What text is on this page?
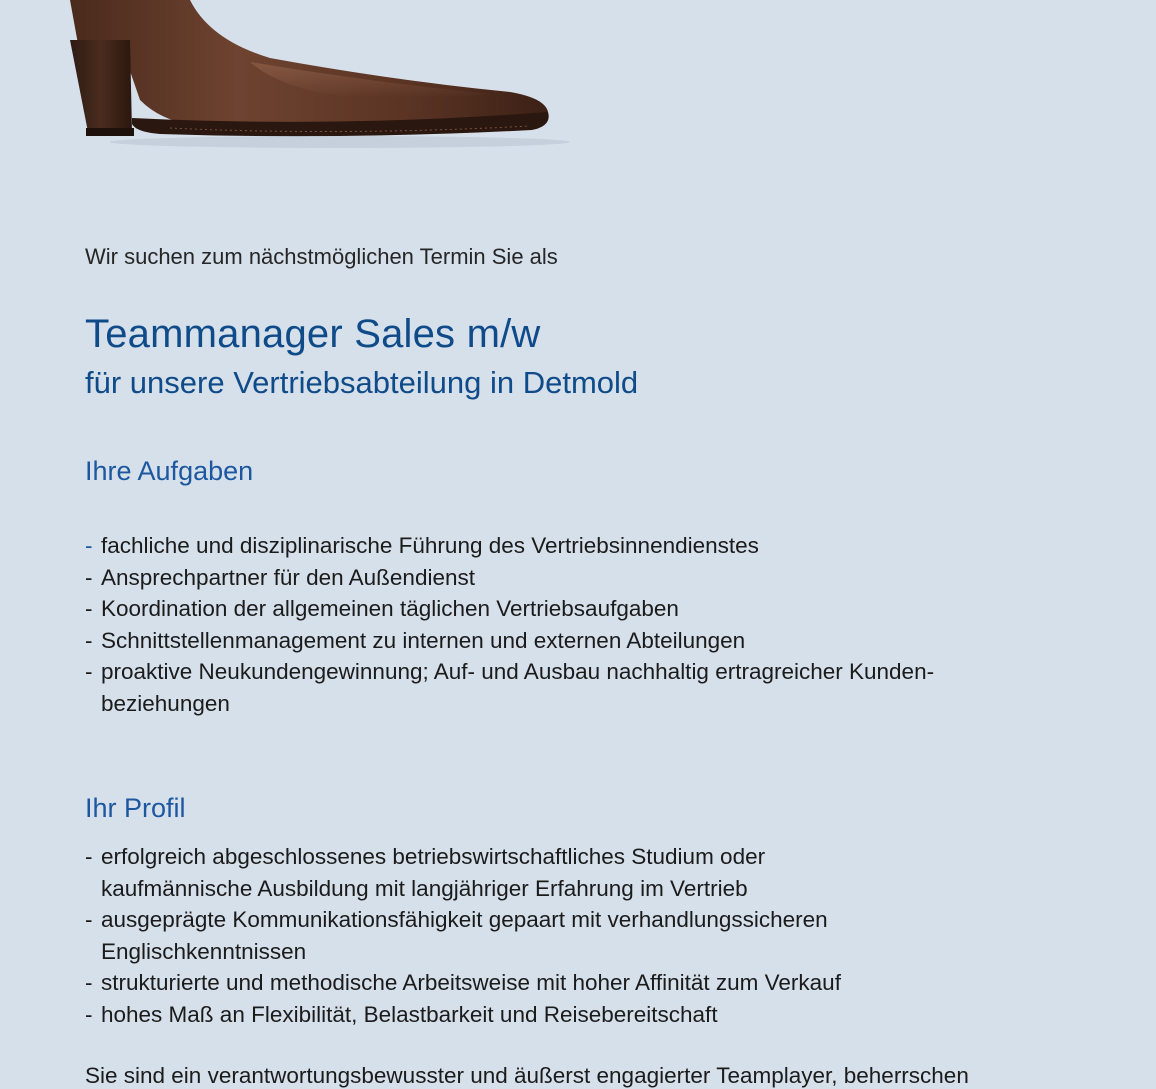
Wir suchen zum nächstmöglichen Termin Sie als
Teammanager Sales m/w
für unsere Vertriebsabteilung in Detmold
Ihre Aufgaben
- fachliche und disziplinarische Führung des Vertriebsinnendienstes
- Ansprechpartner für den Außendienst
- Koordination der allgemeinen täglichen Vertriebsaufgaben
- Schnittstellenmanagement zu internen und externen Abteilungen
- proaktive Neukundengewinnung; Auf- und Ausbau nachhaltig ertragreicher Kunden-
beziehungen
Ihr Profil
- erfolgreich abgeschlossenes betriebswirtschaftliches Studium oder
kaufmännische Ausbildung mit langjähriger Erfahrung im Vertrieb
- ausgeprägte Kommunikationsfähigkeit gepaart mit verhandlungssicheren
Englischkenntnissen
- strukturierte und methodische Arbeitsweise mit hoher Affinität zum Verkauf
- hohes Maß an Flexibilität, Belastbarkeit und Reisebereitschaft
Sie sind ein verantwortungsbewusster und äußerst engagierter Teamplayer, beherrschen
